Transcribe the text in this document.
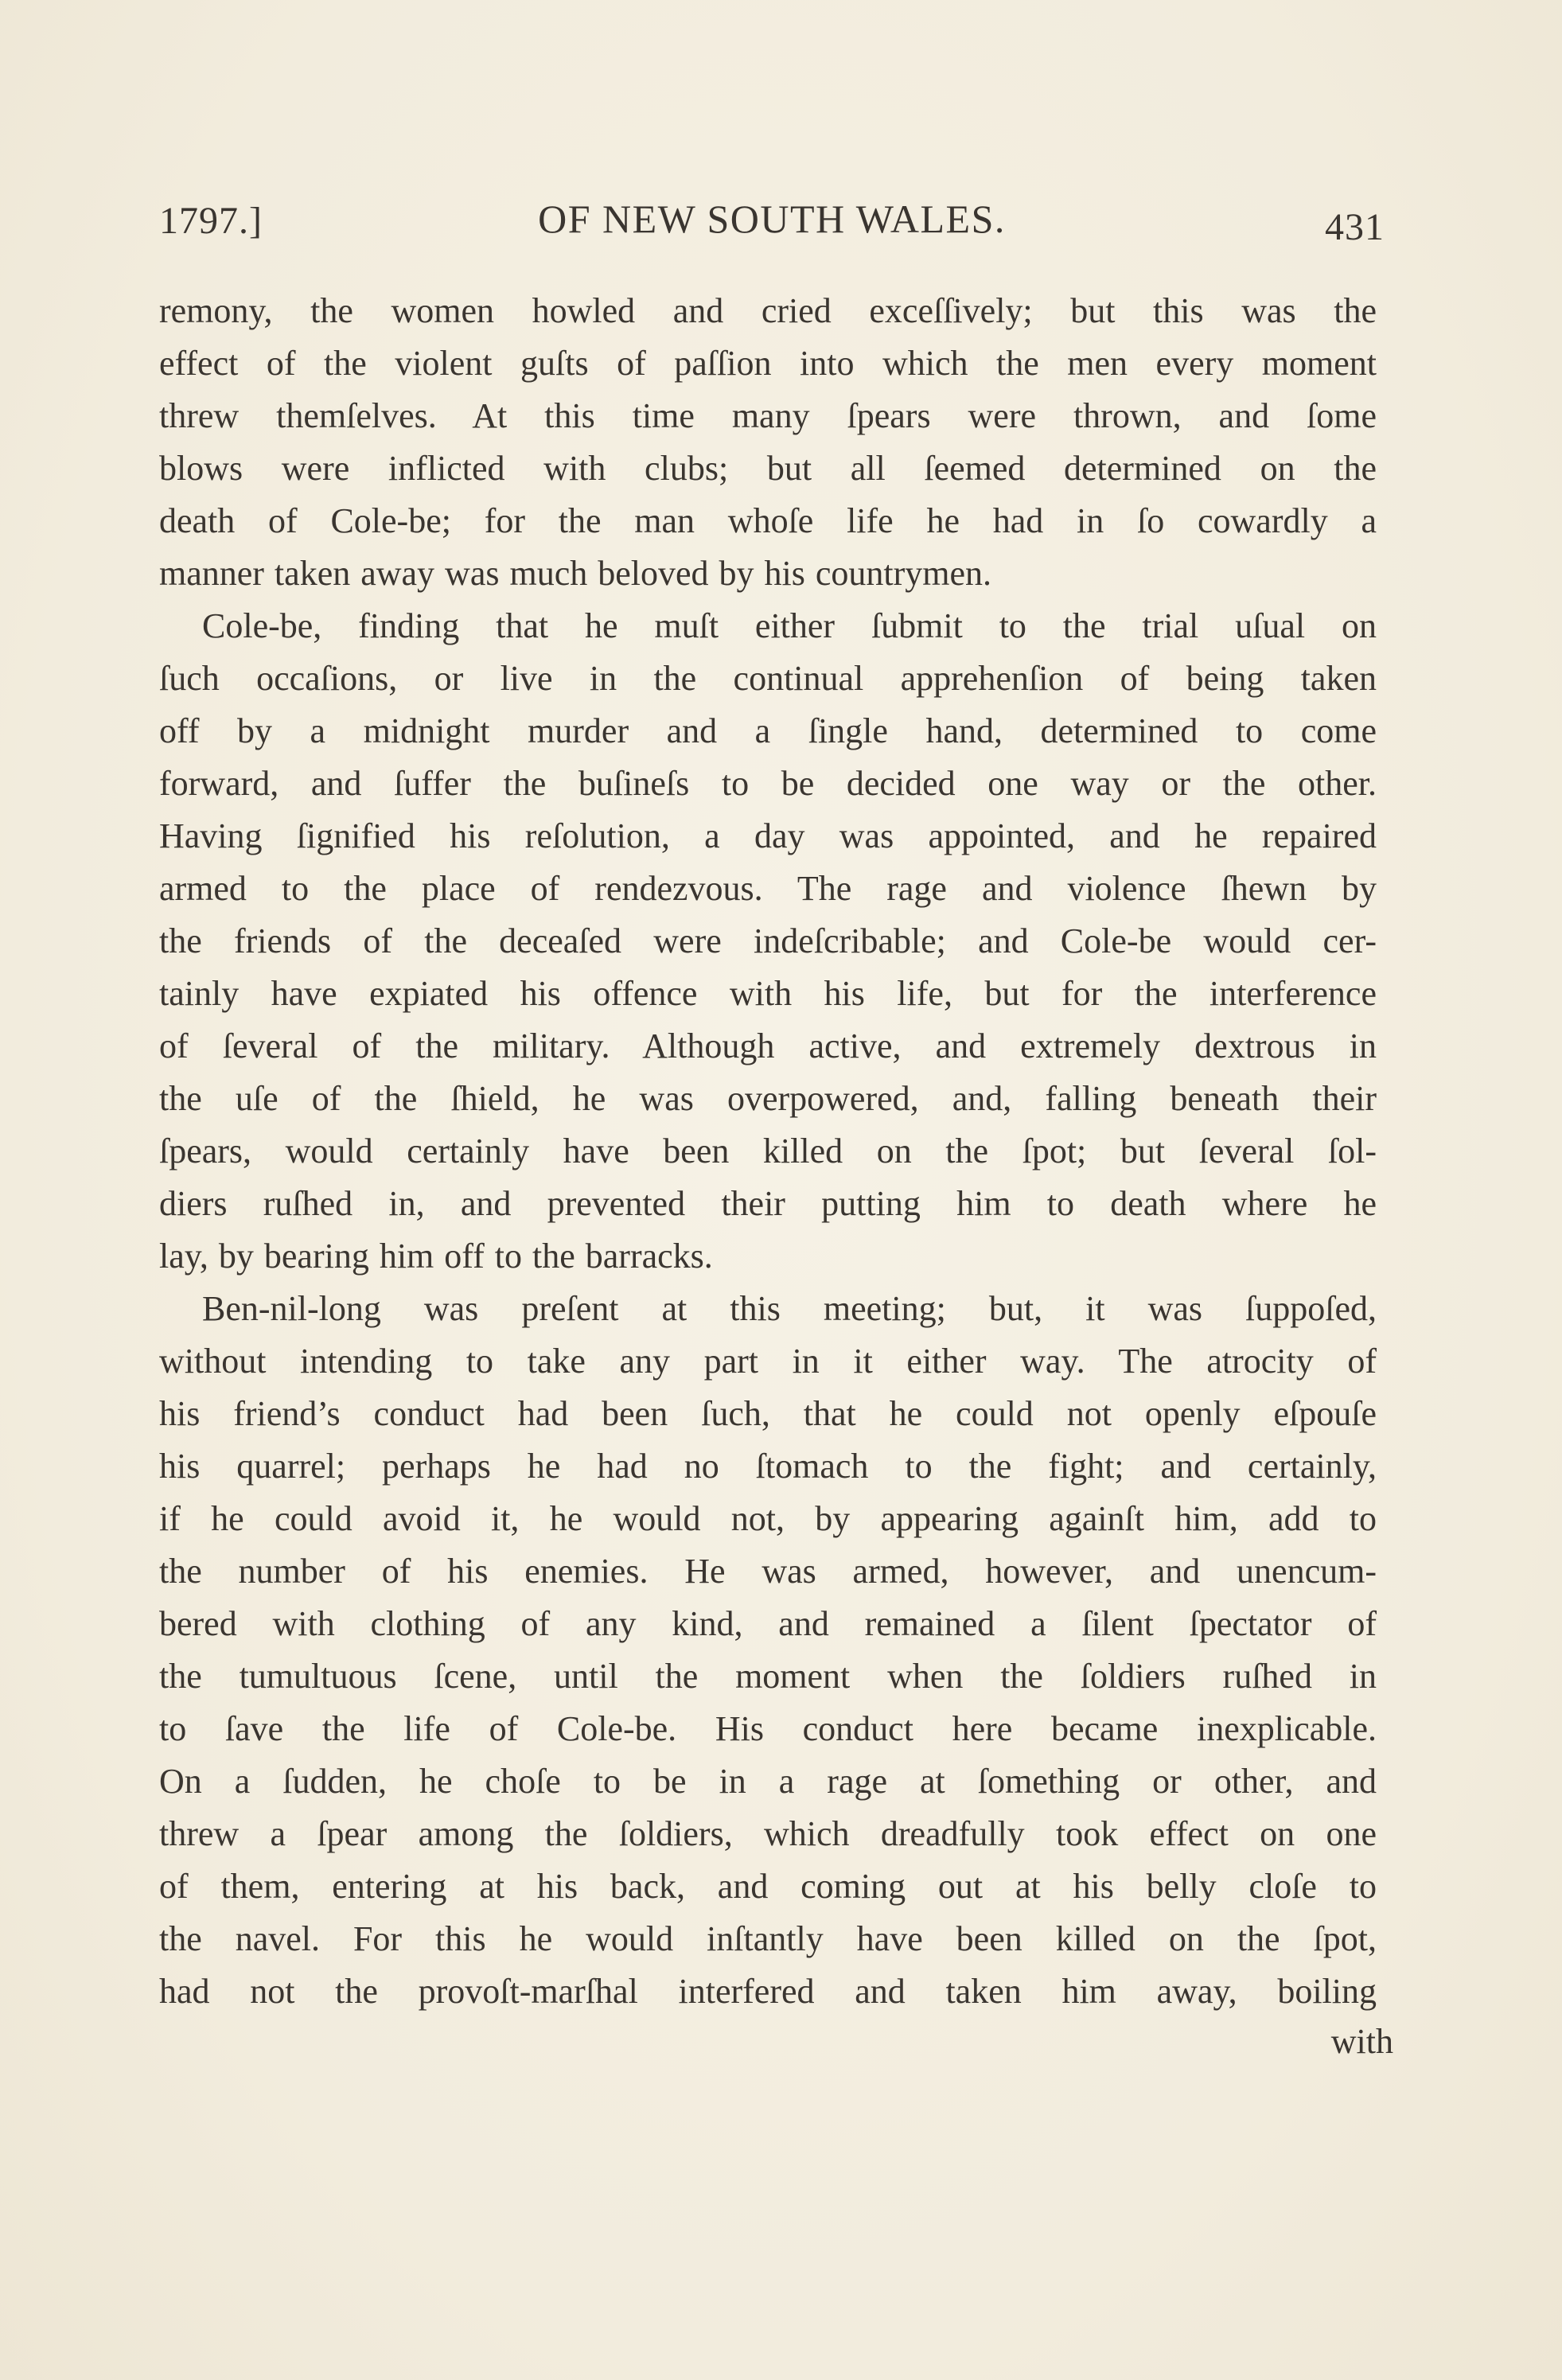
1797.]	OF NEW SOUTH WALES.	431
remony, the women howled and cried exceſſively; but this was the
effect of the violent guſts of paſſion into which the men every moment
threw themſelves. At this time many ſpears were thrown, and ſome
blows were inflicted with clubs; but all ſeemed determined on the
death of Cole-be; for the man whoſe life he had in ſo cowardly a
manner taken away was much beloved by his countrymen.
Cole-be, finding that he muſt either ſubmit to the trial uſual on
ſuch occaſions, or live in the continual apprehenſion of being taken
off by a midnight murder and a ſingle hand, determined to come
forward, and ſuffer the buſineſs to be decided one way or the other.
Having ſignified his reſolution, a day was appointed, and he repaired
armed to the place of rendezvous. The rage and violence ſhewn by
the friends of the deceaſed were indeſcribable; and Cole-be would cer-
tainly have expiated his offence with his life, but for the interference
of ſeveral of the military. Although active, and extremely dextrous in
the uſe of the ſhield, he was overpowered, and, falling beneath their
ſpears, would certainly have been killed on the ſpot; but ſeveral ſol-
diers ruſhed in, and prevented their putting him to death where he
lay, by bearing him off to the barracks.
Ben-nil-long was preſent at this meeting; but, it was ſuppoſed,
without intending to take any part in it either way. The atrocity of
his friend’s conduct had been ſuch, that he could not openly eſpouſe
his quarrel; perhaps he had no ſtomach to the fight; and certainly,
if he could avoid it, he would not, by appearing againſt him, add to
the number of his enemies. He was armed, however, and unencum-
bered with clothing of any kind, and remained a ſilent ſpectator of
the tumultuous ſcene, until the moment when the ſoldiers ruſhed in
to ſave the life of Cole-be. His conduct here became inexplicable.
On a ſudden, he choſe to be in a rage at ſomething or other, and
threw a ſpear among the ſoldiers, which dreadfully took effect on one
of them, entering at his back, and coming out at his belly cloſe to
the navel. For this he would inſtantly have been killed on the ſpot,
had not the provoſt-marſhal interfered and taken him away, boiling
with
